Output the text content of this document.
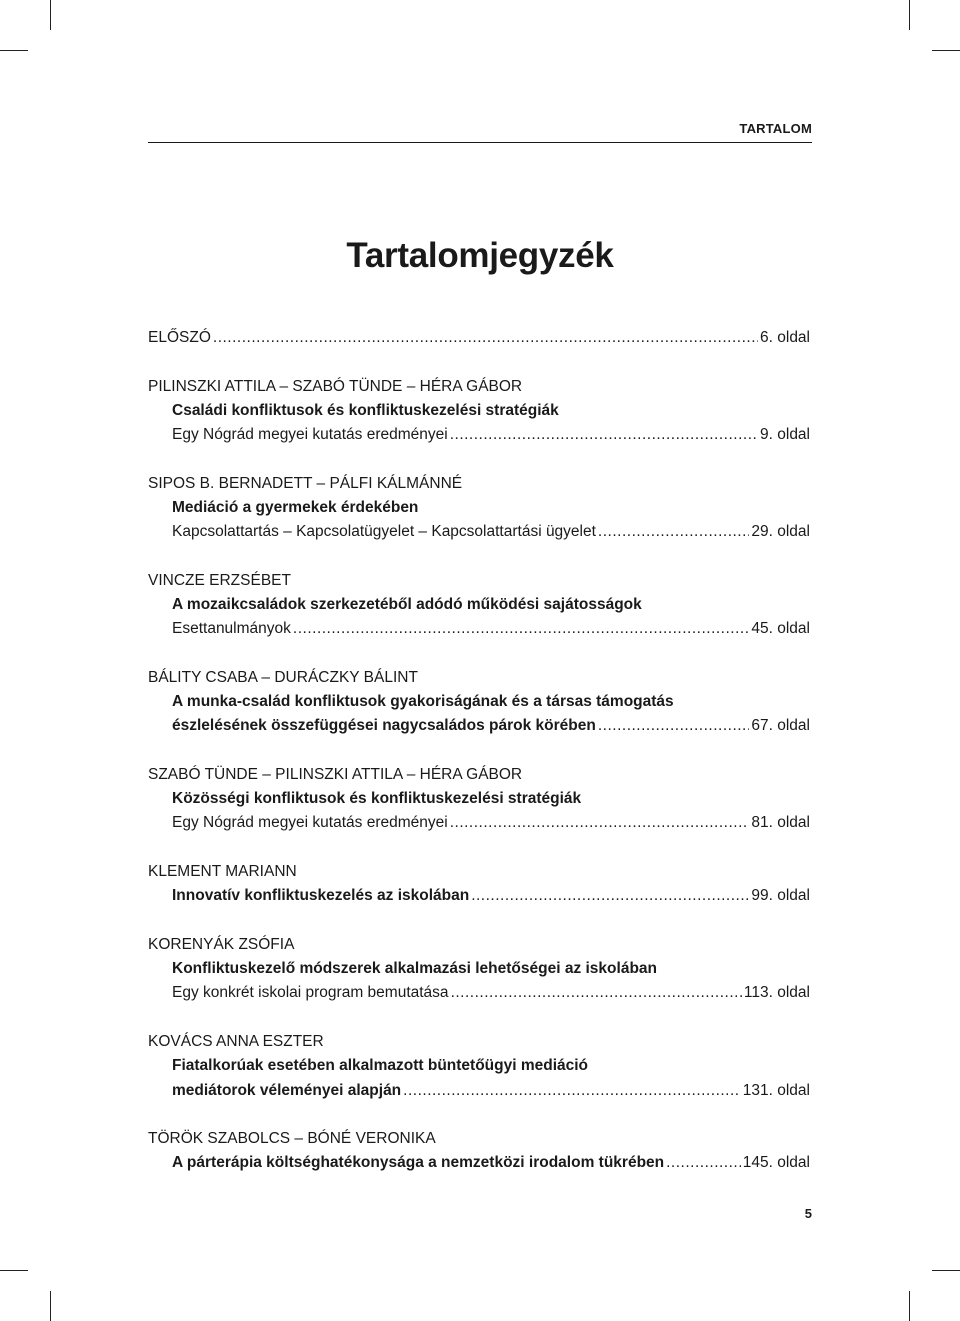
TARTALOM
Tartalomjegyzék
ELŐSZÓ .....	6. oldal
PILINSZKI ATTILA – SZABÓ TÜNDE – HÉRA GÁBOR
Családi konfliktusok és konfliktuskezelési stratégiák
Egy Nógrád megyei kutatás eredményei .....	9. oldal
SIPOS B. BERNADETT – PÁLFI KÁLMÁNNÉ
Mediáció a gyermekek érdekében
Kapcsolattartás – Kapcsolatügyelet – Kapcsolattartási ügyelet .....	29. oldal
VINCZE ERZSÉBET
A mozaikcsaládok szerkezetéből adódó működési sajátosságok
Esettanulmányok .....	45. oldal
BÁLITY CSABA – DURÁCZKY BÁLINT
A munka-család konfliktusok gyakoriságának és a társas támogatás
észlelésének összefüggései nagycsaládos párok körében .....	67. oldal
SZABÓ TÜNDE – PILINSZKI ATTILA – HÉRA GÁBOR
Közösségi konfliktusok és konfliktuskezelési stratégiák
Egy Nógrád megyei kutatás eredményei .....	81. oldal
KLEMENT MARIANN
Innovatív konfliktuskezelés az iskolában .....	99. oldal
KORENYÁK ZSÓFIA
Konfliktuskezelő módszerek alkalmazási lehetőségei az iskolában
Egy konkrét iskolai program bemutatása .....	113. oldal
KOVÁCS ANNA ESZTER
Fiatalkorúak esetében alkalmazott büntetőügyi mediáció
mediátorok véleményei alapján .....	131. oldal
TÖRÖK SZABOLCS – BÓNÉ VERONIKA
A párterápia költséghatékonysága a nemzetközi irodalom tükrében .....	145. oldal
5
